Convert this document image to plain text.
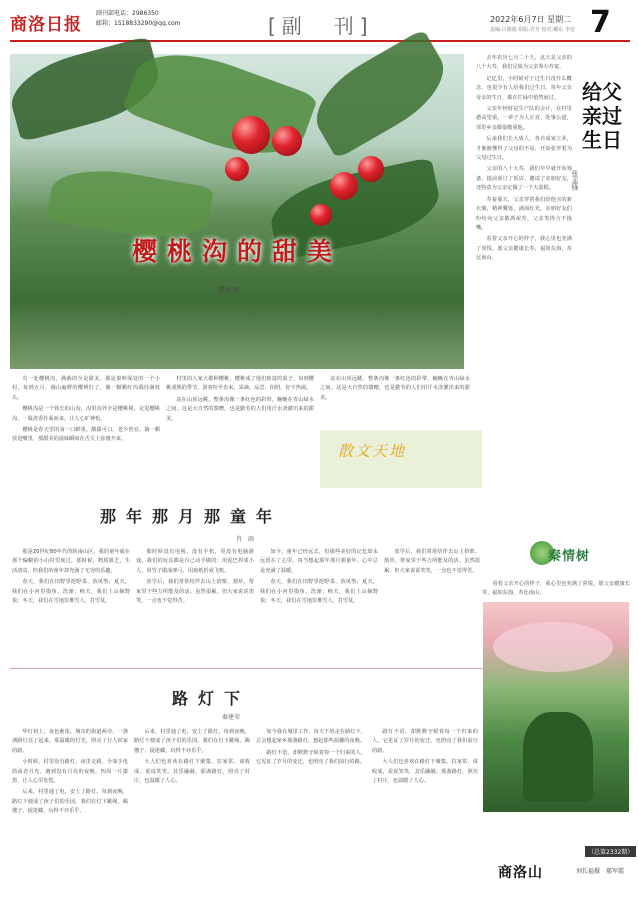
商洛日报
副刊部电话：2986350
邮箱：1518833290@qq.com	[副　刊]	2022年6月7日 星期二
责编:吕娟娟 组版:许芳 校对:戴东 李安 7
樱桃沟的甜美
秦延安

去年农历七月二十九，这天是父亲的八十大寿，我们兄妹为父亲筹办寿宴。

记忆里，小时候对于过生日没什么概念，也很少有人给我们过生日。每年父亲母亲的生日，都在忙碌中悄然而过。

父亲年轻时是生产队的会计，在村里德高望重，一辈子为人正直，处事公道，邻里乡亲都很敬重他。

后来我们长大成人，各自成家立业，才渐渐懂得了父母的不易，开始张罗着为父母过生日。

父亲的八十大寿，我们早早就开始筹备。提前预订了饭店，邀请了亲朋好友，还特意为父亲定做了一个大蛋糕。

寿宴那天，父亲穿着我们给他买的新衣服，精神矍铄，满面红光。亲朋好友们纷纷向父亲敬酒祝寿，父亲笑得合不拢嘴。

看着父亲开心的样子，我心里也充满了喜悦。愿父亲健康长寿，福如东海，寿比南山。

给父亲过生日
张孟锋

有一处樱桃沟，满载的全是甜美。那是秦岭深处的一个小村，每到五月，漫山遍野的樱桃红了，像一颗颗红玛瑙挂满枝头。

樱桃沟是一个狭长的山沟，沟里沟外全是樱桃树。走进樱桃沟，一股清香扑面而来，让人心旷神怡。

樱桃是春天里的第一口鲜果，酸甜可口，老少皆宜。摘一颗放进嘴里，那甜美的滋味瞬间在舌尖上弥漫开来。

村里的人家大都种樱桃，樱桃成了他们致富的果子。每到樱桃成熟的季节，游客纷至沓来，采摘、品尝、拍照，好不热闹。

站在山顶远眺，整条沟像一条红色的彩带，蜿蜒在青山绿水之间。这是大自然的馈赠，也是勤劳的人们用汗水浇灌出来的甜美。

站在山顶远眺，整条沟像一条红色的彩带，蜿蜒在青山绿水之间。这是大自然的馈赠，也是勤劳的人们用汗水浇灌出来的甜美。

散文天地
那年那月那童年
肖　雨

那是20世纪80年代的陕南山区，我的童年就在那个偏僻的小山村里度过。那时候，物质匮乏，生活清贫，但我们的童年却充满了无穷的乐趣。

春天，我们在田野里挖野菜、放风筝；夏天，我们在小河里摸鱼、洗澡；秋天，我们上山摘野果；冬天，我们在雪地里堆雪人、打雪仗。

那时候没有电视，没有手机，更没有电脑游戏。我们的玩具都是自己动手做的：用泥巴捏成小人，用竹子做成弹弓，用废纸折成飞机。

放学后，我们常常结伴去山上拾柴、割草，帮家里干些力所能及的活。虽然很累，但大家说说笑笑，一点也不觉得苦。

如今，童年已经远去，但那些美好的记忆却永远留在了心里。每当想起那年那月那童年，心中总是充满了温暖。

春天，我们在田野里挖野菜、放风筝；夏天，我们在小河里摸鱼、洗澡；秋天，我们上山摘野果；冬天，我们在雪地里堆雪人、打雪仗。

放学后，我们常常结伴去山上拾柴、割草，帮家里干些力所能及的活。虽然很累，但大家说说笑笑，一点也不觉得苦。

秦情树
路灯下
秦建荣

华灯初上，夜色渐浓，城市的街道两旁，一盏盏路灯亮了起来。那温暖的灯光，照亮了行人回家的路。

小时候，村里没有路灯。夜里走路，全靠手电筒或者月光。遇到没有月亮的夜晚，四周一片漆黑，让人心里发慌。

后来，村里通了电，安上了路灯。每到夜晚，路灯下便成了孩子们的乐园。我们在灯下跳绳、踢毽子、捉迷藏，玩得不亦乐乎。

后来，村里通了电，安上了路灯。每到夜晚，路灯下便成了孩子们的乐园。我们在灯下跳绳、踢毽子、捉迷藏，玩得不亦乐乎。

大人们也喜欢在路灯下聚集，拉家常、谈收成，说说笑笑，其乐融融。那盏路灯，照亮了村庄，也温暖了人心。

如今我在城里工作，每天下班走在路灯下，总会想起家乡那盏路灯，想起那些温馨的夜晚。

路灯不语，却默默守候着每一个归来的人。它见证了岁月的变迁，也照亮了我们前行的路。

路灯不语，却默默守候着每一个归来的人。它见证了岁月的变迁，也照亮了我们前行的路。

大人们也喜欢在路灯下聚集，拉家常、谈收成，说说笑笑，其乐融融。那盏路灯，照亮了村庄，也温暖了人心。

看着父亲开心的样子，我心里也充满了喜悦。愿父亲健康长寿，福如东海，寿比南山。

（总第2332期）
商洛山	刘长福摄　郝军霞
